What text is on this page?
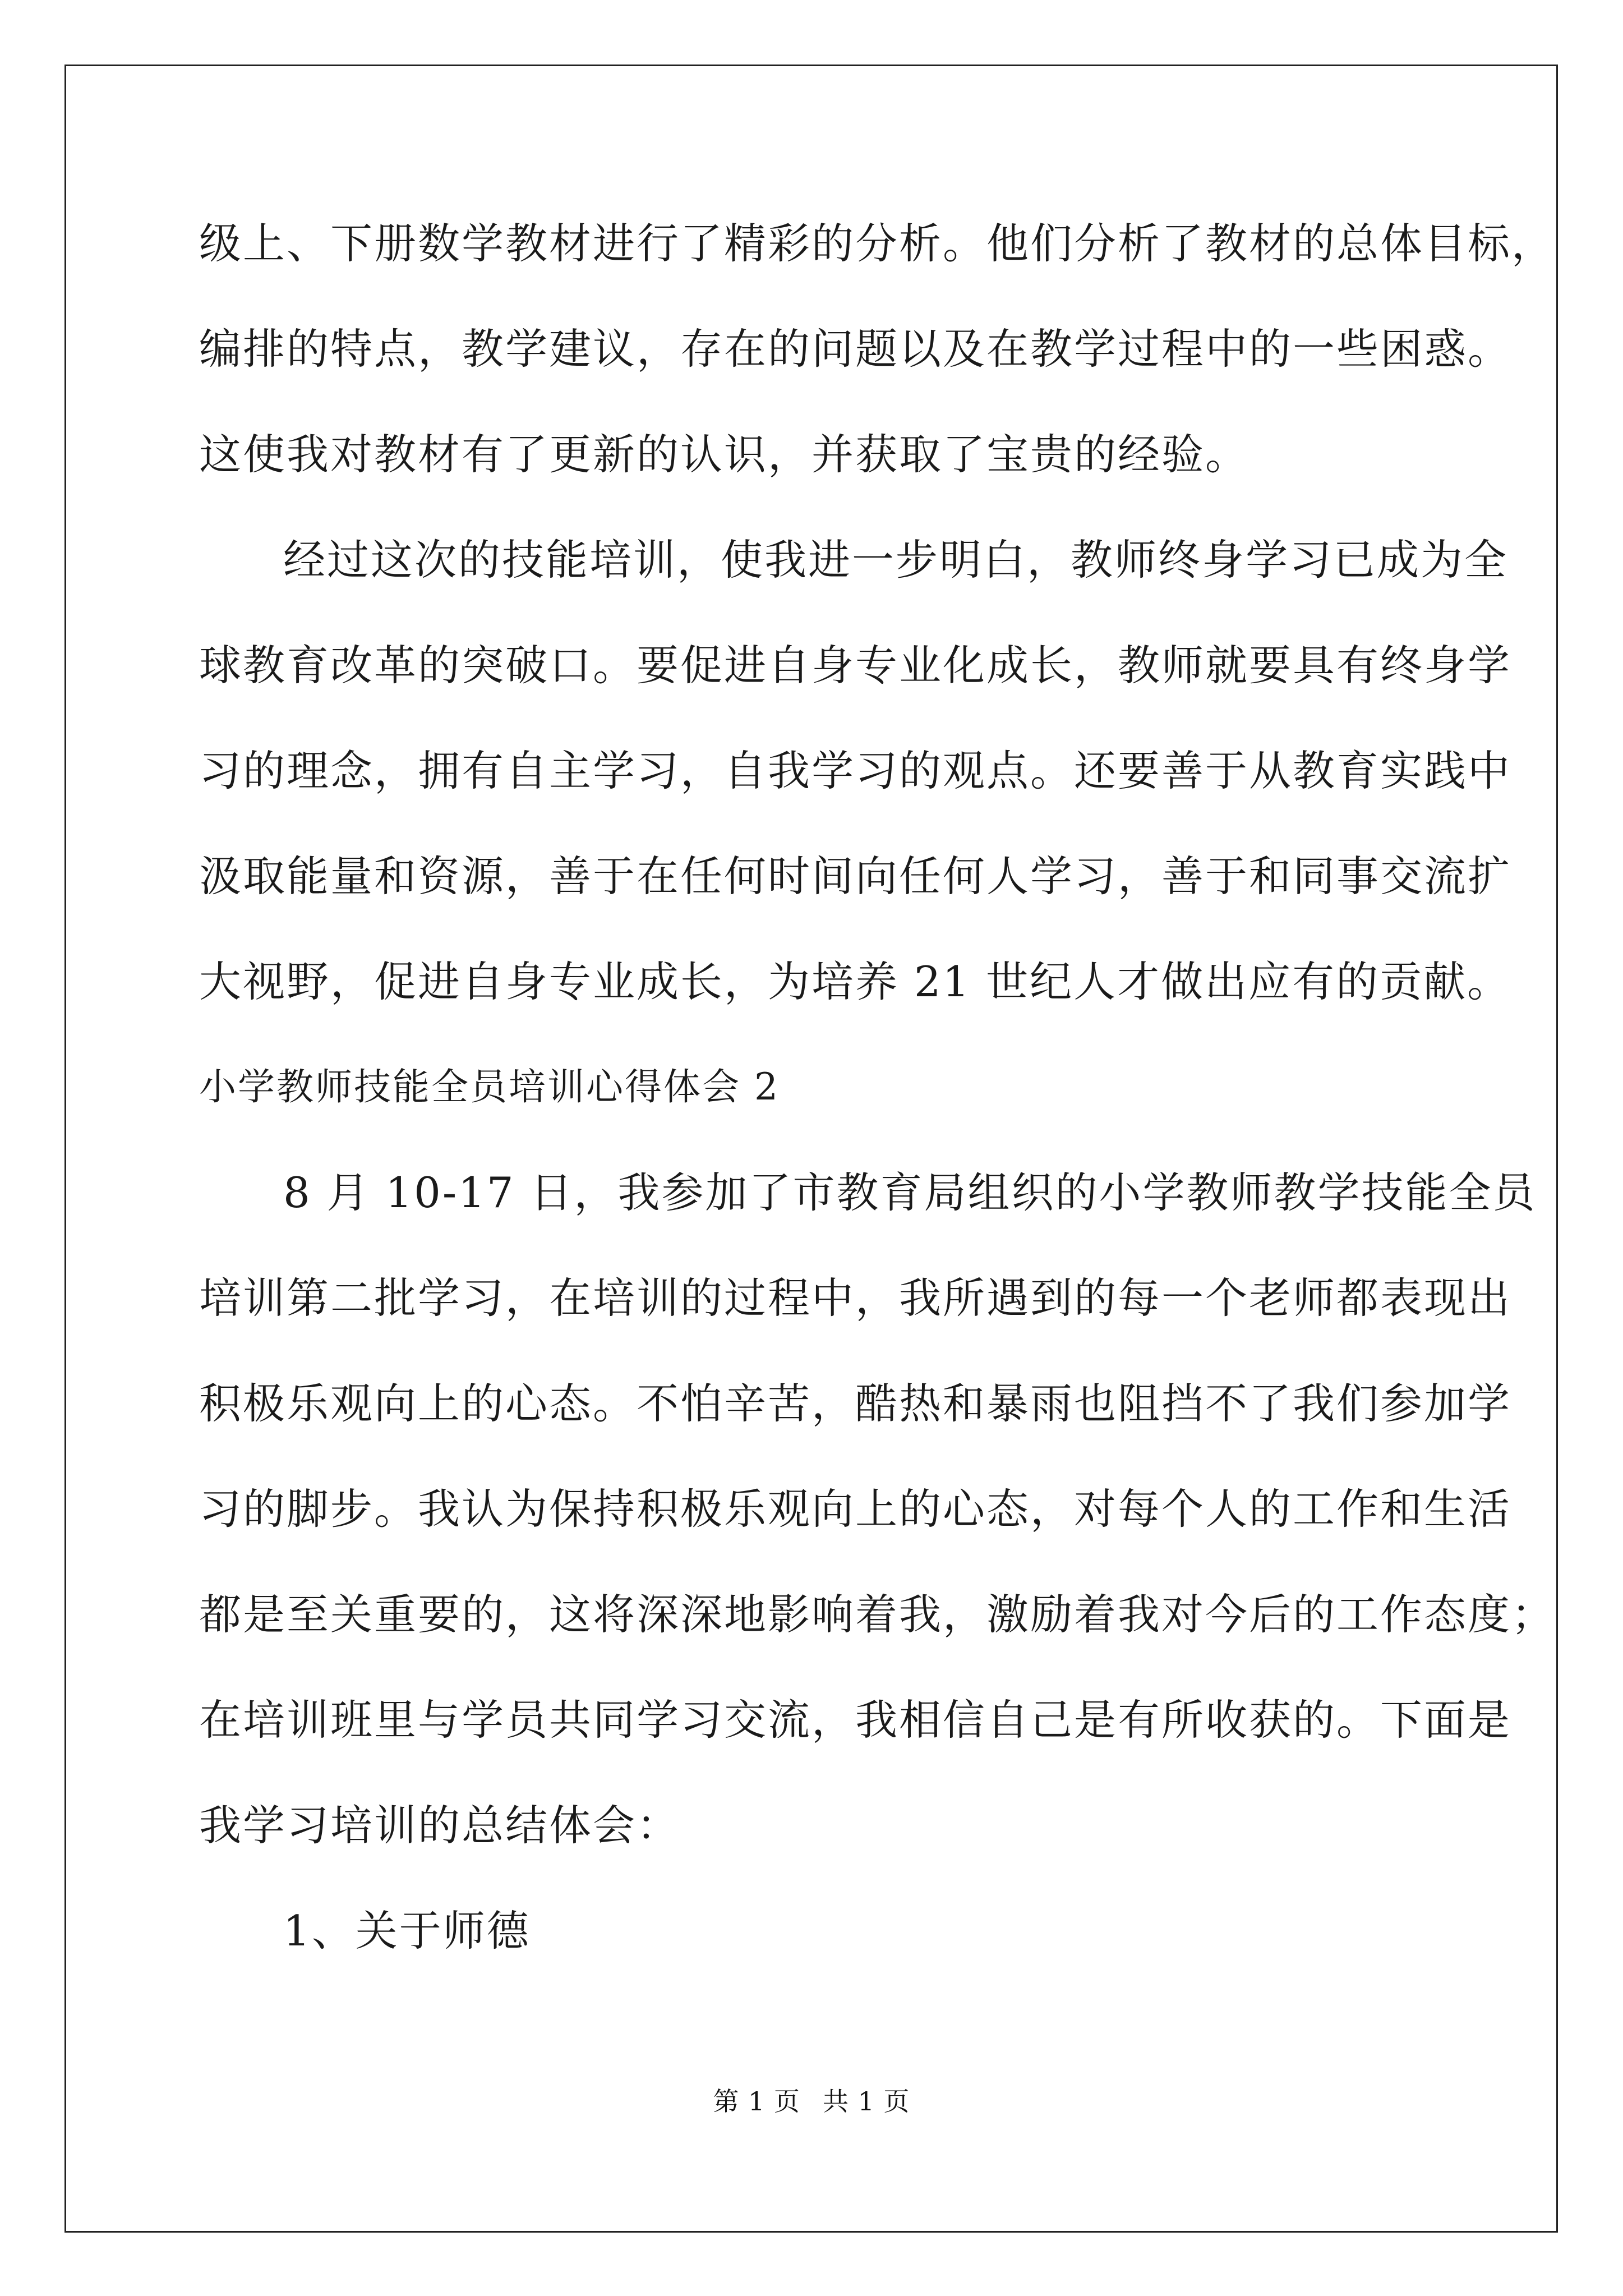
级上、下册数学教材进行了精彩的分析。他们分析了教材的总体目标，
编排的特点，教学建议，存在的问题以及在教学过程中的一些困惑。
这使我对教材有了更新的认识，并获取了宝贵的经验。
经过这次的技能培训，使我进一步明白，教师终身学习已成为全
球教育改革的突破口。要促进自身专业化成长，教师就要具有终身学
习的理念，拥有自主学习，自我学习的观点。还要善于从教育实践中
汲取能量和资源，善于在任何时间向任何人学习，善于和同事交流扩
大视野，促进自身专业成长，为培养 21 世纪人才做出应有的贡献。
小学教师技能全员培训心得体会 2
8 月 10-17 日，我参加了市教育局组织的小学教师教学技能全员
培训第二批学习，在培训的过程中，我所遇到的每一个老师都表现出
积极乐观向上的心态。不怕辛苦，酷热和暴雨也阻挡不了我们参加学
习的脚步。我认为保持积极乐观向上的心态，对每个人的工作和生活
都是至关重要的，这将深深地影响着我，激励着我对今后的工作态度；
在培训班里与学员共同学习交流，我相信自己是有所收获的。下面是
我学习培训的总结体会：
1、关于师德
第 1 页 共 1 页
